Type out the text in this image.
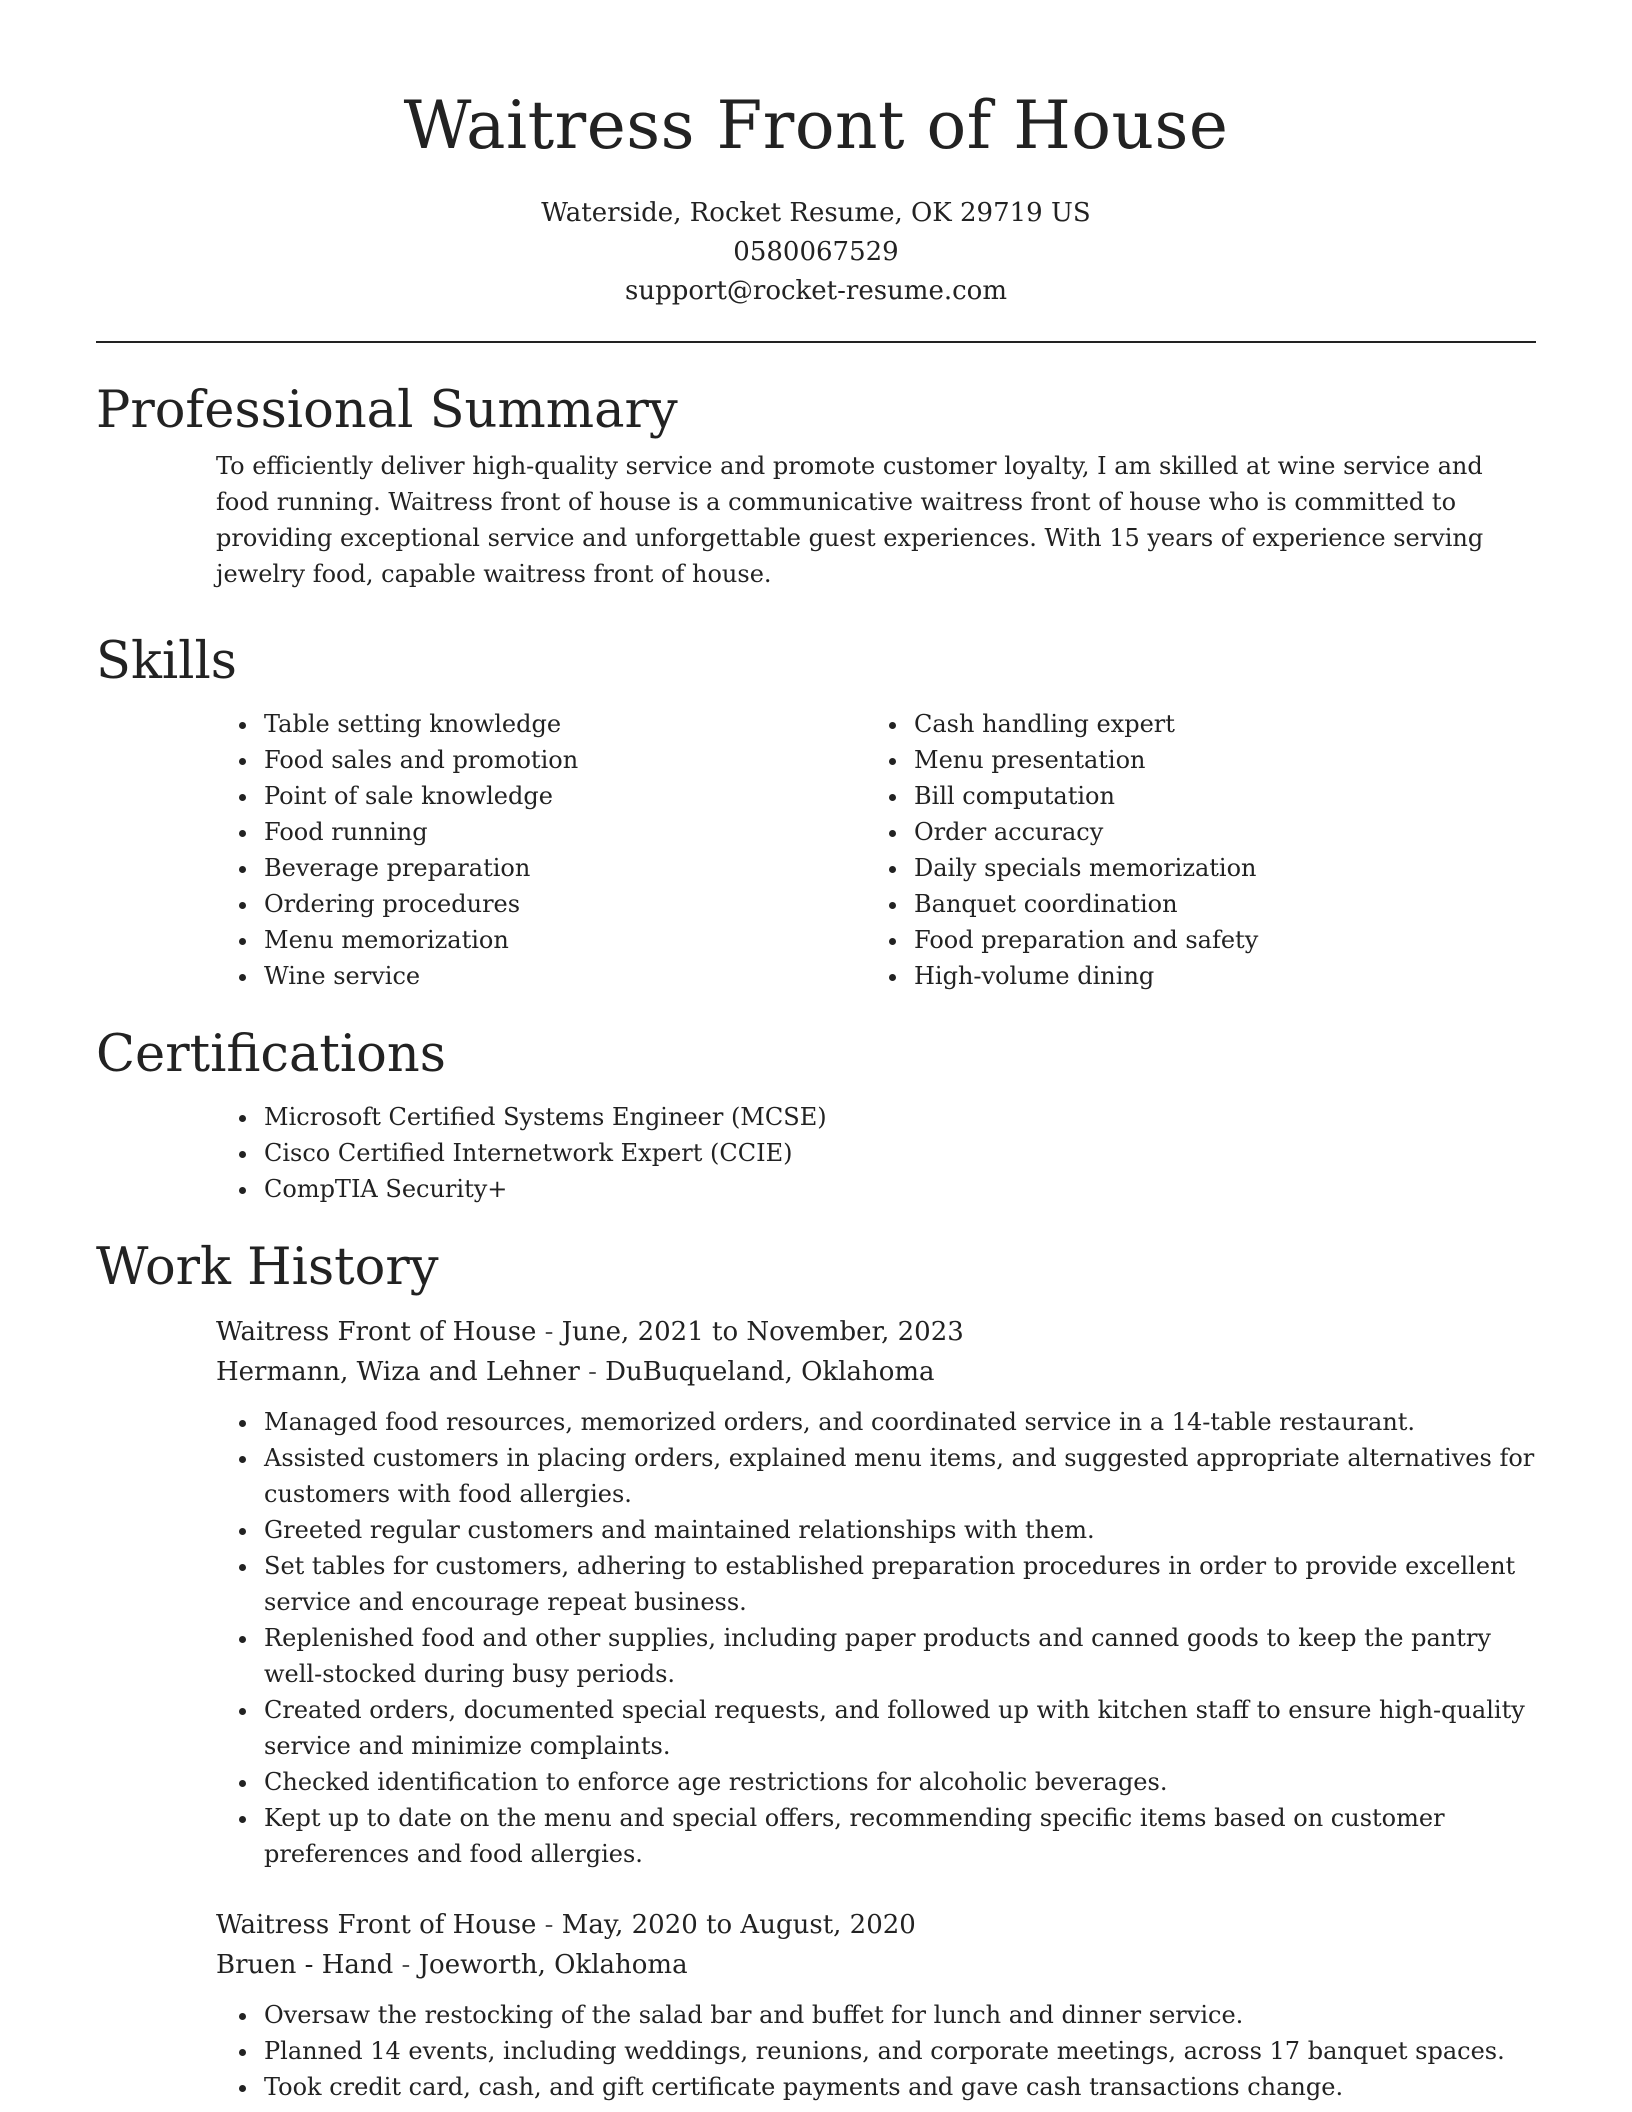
Waitress Front of House
Waterside, Rocket Resume, OK 29719 US
0580067529
support@rocket-resume.com
Professional Summary

To efficiently deliver high-quality service and promote customer loyalty, I am skilled at wine service and food running. Waitress front of house is a communicative waitress front of house who is committed to providing exceptional service and unforgettable guest experiences. With 15 years of experience serving jewelry food, capable waitress front of house.

Skills
• Table setting knowledge
• Food sales and promotion
• Point of sale knowledge
• Food running
• Beverage preparation
• Ordering procedures
• Menu memorization
• Wine service
• Cash handling expert
• Menu presentation
• Bill computation
• Order accuracy
• Daily specials memorization
• Banquet coordination
• Food preparation and safety
• High-volume dining
Certifications
• Microsoft Certified Systems Engineer (MCSE)
• Cisco Certified Internetwork Expert (CCIE)
• CompTIA Security+
Work History
Waitress Front of House - June, 2021 to November, 2023
Hermann, Wiza and Lehner - DuBuqueland, Oklahoma
• Managed food resources, memorized orders, and coordinated service in a 14-table restaurant.
• Assisted customers in placing orders, explained menu items, and suggested appropriate alternatives for customers with food allergies.
• Greeted regular customers and maintained relationships with them.
• Set tables for customers, adhering to established preparation procedures in order to provide excellent service and encourage repeat business.
• Replenished food and other supplies, including paper products and canned goods to keep the pantry well-stocked during busy periods.
• Created orders, documented special requests, and followed up with kitchen staff to ensure high-quality service and minimize complaints.
• Checked identification to enforce age restrictions for alcoholic beverages.
• Kept up to date on the menu and special offers, recommending specific items based on customer preferences and food allergies.
Waitress Front of House - May, 2020 to August, 2020
Bruen - Hand - Joeworth, Oklahoma
• Oversaw the restocking of the salad bar and buffet for lunch and dinner service.
• Planned 14 events, including weddings, reunions, and corporate meetings, across 17 banquet spaces.
• Took credit card, cash, and gift certificate payments and gave cash transactions change.
